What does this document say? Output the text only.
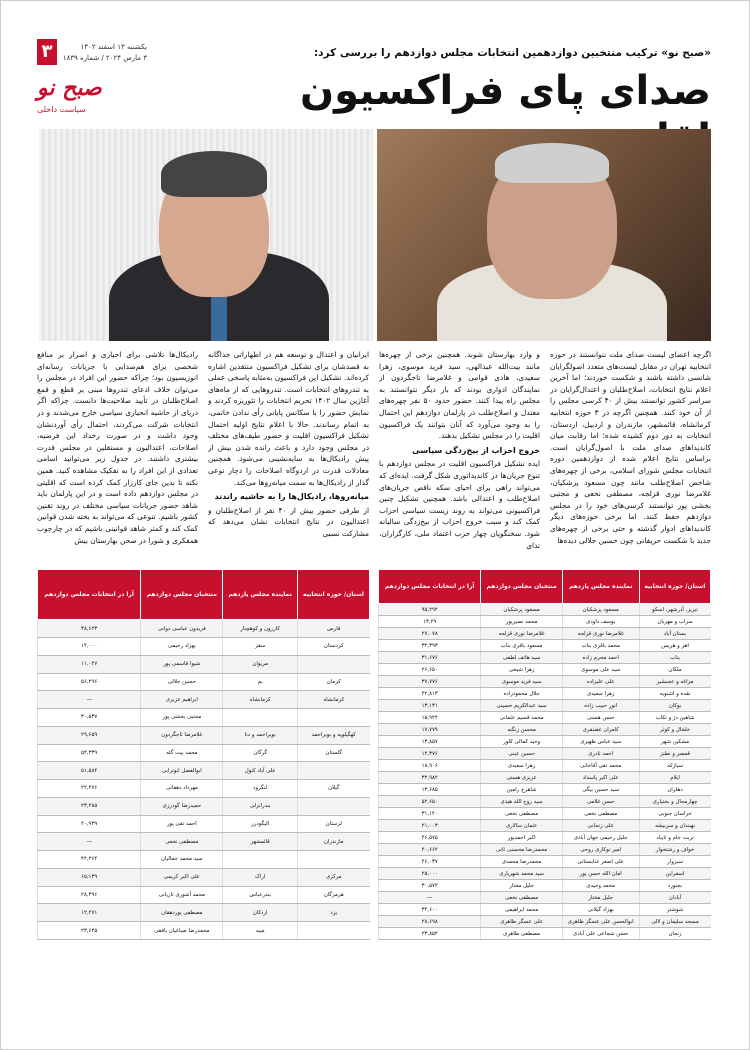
۳	یکشنبه ۱۳ اسفند ۱۴۰۲
۳ مارس ۲۰۲۴ / شماره ۱۸۳۹
صبح نو
سیاست داخلی
«صبح نو» ترکیب منتخبین دوازدهمین انتخابات مجلس دوازدهم را بررسی کرد:
صدای پای فراکسیون

اگرچه اعضای لیست صدای ملت نتوانستند در حوزه انتخابیه تهران در مقابل لیست‌های متعدد اصولگرایان شانسی داشته باشند و شکست خوردند؛ اما آخرین اعلام نتایج انتخابات، اصلاح‌طلبان و اعتدال‌گرایان در سراسر کشور توانستند بیش از ۴۰ کرسی مجلس را از آن خود کنند. همچنین اگرچه در ۳ حوزه انتخابیه کرمانشاه، قائمشهر، مازندران و اردبیل، اردستان، انتخابات به دور دوم کشیده شده؛ اما رقابت میان کاندیداهای صدای ملت با اصول‌گرایان است. براساس نتایج اعلام شده از دوازدهمین دوره انتخابات مجلس شورای اسلامی، برخی از چهره‌های شاخص اصلاح‌طلب مانند چون مسعود پزشکیان، غلامرضا نوری قزلجه، مصطفی نخعی و مجتبی بخشی پور توانستند کرسی‌های خود را در مجلس دوازدهم حفظ کنند. اما برخی حوزه‌های دیگر کاندیداهای ادوار گذشته و حتی برخی از چهره‌های جدید با شکست حریفانی چون حسین جلالی دیده‌ها

و وارد بهارستان شوند. همچنین برخی از چهره‌ها مانند بیت‌الله عبدالهی، سید فرید موسوی، زهرا سعیدی، هادی قوامی و غلامرضا تاجگردون از نمایندگان ادواری بودند که بار دیگر نتوانستند به مجلس راه پیدا کنند. حضور حدود ۵۰ نفر چهره‌های معتدل و اصلاح‌طلب در پارلمان دوازدهم این احتمال را به وجود می‌آورد که آنان بتوانند یک فراکسیون اقلیت را در مجلس تشکیل بدهند.

خروج احزاب از بیخ‌زدگی سیاسی

ایده تشکیل فراکسیون اقلیت در مجلس دوازدهم با تنوع جریان‌ها در کاندیداتوری شکل گرفت. ایده‌ای که می‌تواند راهی برای احیای سکه ناقص جریان‌های اصلاح‌طلب و اعتدالی باشد. همچنین تشکیل چنین فراکسیونی می‌تواند به روند زیست سیاسی احزاب کمک کند و سبب خروج احزاب از بیخ‌زدگی سالیانه شود. سخنگویان چهار حزب اعتماد ملی، کارگزاران، ندای

ایرانیان و اعتدال و توسعه هم در اظهاراتی جداگانه به قصدشان برای تشکیل فراکسیون منتقدین اشاره کرده‌اند. تشکیل این فراکسیون به‌مثابه پاسخی عملی به تندروهای انتخابات است. تندروهایی که از ماه‌های آغازین سال ۱۴۰۲ تحریم انتخابات را تئوریزه کردند و نمایش حضور را با سکانس پایانی رأی ندادن خاتمی، به اتمام رساندند. حالا با اعلام نتایج اولیه احتمال تشکیل فراکسیون اقلیت و حضور طیف‌های مختلف در مجلس وجود دارد و باعث رانده شدن بیش از پیش رادیکال‌ها به سایه‌نشینی می‌شود. همچنین معادلات قدرت در اردوگاه اصلاحات را دچار نوعی گذار از رادیکال‌ها به سمت میانه‌روها می‌کند.

میانه‌روها، رادیکال‌ها را به حاشیه راندند

از طرفی حضور بیش از ۴۰ نفر از اصلاح‌طلبان و اعتدالیون در نتایج انتخابات نشان می‌دهد که مشارکت نسبی

رادیکال‌ها تلاشی برای اجباری و اصرار بر منافع شخصی برای هم‌صدایی با جریانات رسانه‌ای انوزیسیون بود؛ چراکه حضور این افراد در مجلس را می‌توان خلاف ادعای تندروها مبنی بر قطع و قمع اصلاح‌طلبان در تأیید صلاحیت‌ها دانست. چراکه اگر دریای از حاشیه انحیازی سیاسی خارج می‌شدند و در انتخابات شرکت می‌کردند، احتمال رأی آوردنشان وجود داشت و در صورت رخداد این فرضیه، اصلاحات، اعتدالیون و مستقلین در مجلس قدرت بیشتری داشتند. در جدول زیر می‌توانید اسامی تعدادی از این افراد را به تفکیک مشاهده کنید. همین نکته تا بدین جای کارزار کمک کرده است که اقلیتی در مجلس دوازدهم داده است و در این پارلمان باید شاهد حضور جریانات سیاسی مختلف در روند تقنین کشور باشیم. تنوعی که می‌تواند به بخته شدن قوانین کمک کند و کمتر شاهد قوانینی باشیم که در چارچوب همفکری و شورا در صحن بهارستان بیش

استان/ حوزه انتخابیه	نماینده مجلس یازدهم	منتخبان مجلس دوازدهم	آرا در انتخابات مجلس دوازدهم
تبریز، آذرشهر، اسکو	مسعود پزشکیان	مسعود پزشکیان	۹۵,۲۹۴
سراب و مهربان	یوسف داودی	محمد نصیرپور	۱۳,۲۹
بستان آباد	غلامرضا نوری قزلجه	غلامرضا نوری قزلجه	۲۷,۰۷۸
اهر و هریس	محمد باقری بناب	مسعود باقری بناب	۳۲,۳۹۳
بناب	احمد محرم زاده	سید هاتف لطفی	۳۱,۶۷۶
ملکان	سید علی موسوی	زهرا شیخی	۲۶,۶۵۰
مراغه و عجبشیر	علی علیزاده	سید فرید موسوی	۳۷,۷۷۶
نقده و اشنویه	زهرا سعیدی	جلال محمودزاده	۴۲,۸۱۳
بوکان	انور حبیب زاده	سید عبدالکریم حسینی	۱۳,۱۳۱
شاهین دژ و تکاب	حسن هستی	محمد قسیم عثمانی	۱۵,۹۴۴
خلخال و کوثر	کامران غضنفری	محسن زنگنه	۱۷,۷۷۹
مشکین شهر	سید عباس ظهیری	وحید کمالی کلور	۱۳,۸۵۷
قمصر و نطنز	احمد نادری	حسین عینی	۱۴,۳۷۶
سیازکه	محمد تقی آقاخانی	زهرا سعیدی	۱۸,۹۰۶
ایلام	علی اکبر پاسداد	عزیزی هستی	۳۲,۹۸۲
دهلران	سید حسین بیگی	شاهرخ رامین	۱۳,۶۸۵
چهارمحال و بختیاری	حسن غلامی	سید روح الله هیدی	۵۲,۶۵۰
خراسان جنوبی	مصطفی نخعی	مصطفی نخعی	۳۱,۱۴۰
نهبندان و سربیشه	علی زنجانی	عثمان سالاری	۲۱,۰۰۳
تربت جام و تایباد	جلیل رحیمی جهان آبادی	اکبر احمدپور	۴۶,۵۷۵
خواف و رشتخوار	امیر نوکاری روحی	محمدرضا محسنی ثانی	۴۰,۶۶۲
سبزوار	علی اصغر عنابستانی	محمدرضا محمدی	۴۶,۰۳۷
اسفراین	امان الله حسن پور	سید محمد شهریاری	۲۵,۰۰۰
بجنورد	محمد وحیدی	جلیل مختار	۳۰,۵۷۲
آبادان	جلیل مختار	مصطفی نخعی	—
شوشتر	بهزاد گیلانی	محمد ابراهیمی	۳۴,۶۰۰
مسجد سلیمان و لالی	ابوالحسن علی عسگر ظاهری	علی عسگر ظاهری	۲۸,۶۹۸
زنجان	حسن شجاعی علی آبادی	مصطفی طاهری	۲۳,۸۵۴
استان/ حوزه انتخابیه	نماینده مجلس یازدهم	منتخبان مجلس دوازدهم	آرا در انتخابات مجلس دوازدهم
فارس	کازرون و کوهچنار	فریدون عباسی دوانی	۳۸,۶۲۳
کردستان	سقز	بهزاد رحیمی	۱۴,۰۰۰
	مریوان	شیوا قاسمی پور	۱۱,۰۴۷
کرمان	بم	حسین جلالی	۵۶,۲۹۶
کرمانشاه	کرمانشاه	ابراهیم عزیزی	—
		مجتبی بخشی پور	۳۰,۵۳۷
کهگیلویه و بویراحمد	بویراحمد و دنا	غلامرضا تاجگردون	۲۹,۶۵۹
گلستان	گرگان	محمد بیت گله	۵۴,۳۳۹
	علی آباد کتول	ابوالفضل ابوترابی	۵۱,۵۸۴
گیلان	لنگرود	مهرداد دهقانی	۲۲,۴۷۶
	بندرانزلی	حمیدرضا گودرزی	۲۳,۲۸۵
لرستان	الیگودرز	احمد تقی پور	۲۰,۹۳۹
مازندران	قائمشهر	مصطفی نخعی	—
		سید محمد جمالیان	۴۴,۴۶۴
مرکزی	اراک	علی اکبر کریمی	۶۵,۱۳۹
هرمزگان	بندرعباس	محمد آشوری تازیانی	۲۸,۳۹۶
یزد	اردکان	مصطفی پوردهقان	۱۲,۲۷۱
	میبد	محمدرضا صباغیان بافقی	۲۳,۶۴۵
